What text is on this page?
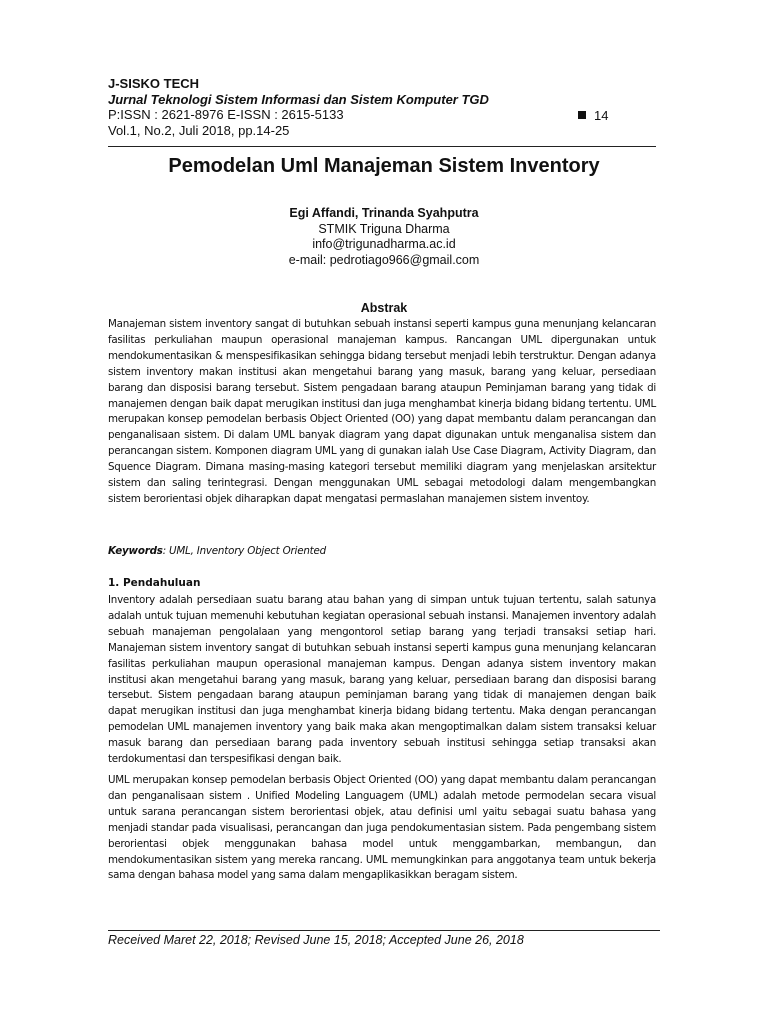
J-SISKO TECH
Jurnal Teknologi Sistem Informasi dan Sistem Komputer TGD
P:ISSN : 2621-8976 E-ISSN : 2615-5133
Vol.1, No.2, Juli 2018, pp.14-25
14
Pemodelan Uml Manajeman Sistem Inventory
Egi Affandi, Trinanda Syahputra
STMIK Triguna Dharma
info@trigunadharma.ac.id
e-mail: pedrotiago966@gmail.com
Abstrak

Manajeman sistem inventory sangat di butuhkan sebuah instansi seperti kampus guna menunjang kelancaran fasilitas perkuliahan maupun operasional manajeman kampus. Rancangan UML dipergunakan untuk mendokumentasikan & menspesifikasikan sehingga bidang tersebut menjadi lebih terstruktur. Dengan adanya sistem inventory makan institusi akan mengetahui barang yang masuk, barang yang keluar, persediaan barang dan disposisi barang tersebut. Sistem pengadaan barang ataupun Peminjaman barang yang tidak di manajemen dengan baik dapat merugikan institusi dan juga menghambat kinerja bidang bidang tertentu. UML merupakan konsep pemodelan berbasis Object Oriented (OO) yang dapat membantu dalam perancangan dan penganalisaan sistem. Di dalam UML banyak diagram yang dapat digunakan untuk menganalisa sistem dan perancangan sistem. Komponen diagram UML yang di gunakan ialah Use Case Diagram, Activity Diagram, dan Squence Diagram. Dimana masing-masing kategori tersebut memiliki diagram yang menjelaskan arsitektur sistem dan saling terintegrasi. Dengan menggunakan UML sebagai metodologi dalam mengembangkan sistem berorientasi objek diharapkan dapat mengatasi permaslahan manajemen sistem inventoy.

Keywords: UML, Inventory Object Oriented
1. Pendahuluan

Inventory adalah persediaan suatu barang atau bahan yang di simpan untuk tujuan tertentu, salah satunya adalah untuk tujuan memenuhi kebutuhan kegiatan operasional sebuah instansi. Manajemen inventory adalah sebuah manajeman pengolalaan yang mengontorol setiap barang yang terjadi transaksi setiap hari. Manajeman sistem inventory sangat di butuhkan sebuah instansi seperti kampus guna menunjang kelancaran fasilitas perkuliahan maupun operasional manajeman kampus. Dengan adanya sistem inventory makan institusi akan mengetahui barang yang masuk, barang yang keluar, persediaan barang dan disposisi barang tersebut. Sistem pengadaan barang ataupun peminjaman barang yang tidak di manajemen dengan baik dapat merugikan institusi dan juga menghambat kinerja bidang bidang tertentu. Maka dengan perancangan pemodelan UML manajemen inventory yang baik maka akan mengoptimalkan dalam sistem transaksi keluar masuk barang dan persediaan barang pada inventory sebuah institusi sehingga setiap transaksi akan terdokumentasi dan terspesifikasi dengan baik.

UML merupakan konsep pemodelan berbasis Object Oriented (OO) yang dapat membantu dalam perancangan dan penganalisaan sistem . Unified Modeling Languagem (UML) adalah metode permodelan secara visual untuk sarana perancangan sistem berorientasi objek, atau definisi uml yaitu sebagai suatu bahasa yang menjadi standar pada visualisasi, perancangan dan juga pendokumentasian sistem. Pada pengembang sistem berorientasi objek menggunakan bahasa model untuk menggambarkan, membangun, dan mendokumentasikan sistem yang mereka rancang. UML memungkinkan para anggotanya team untuk bekerja sama dengan bahasa model yang sama dalam mengaplikasikkan beragam sistem.

Received Maret 22, 2018; Revised June 15, 2018; Accepted June 26, 2018
